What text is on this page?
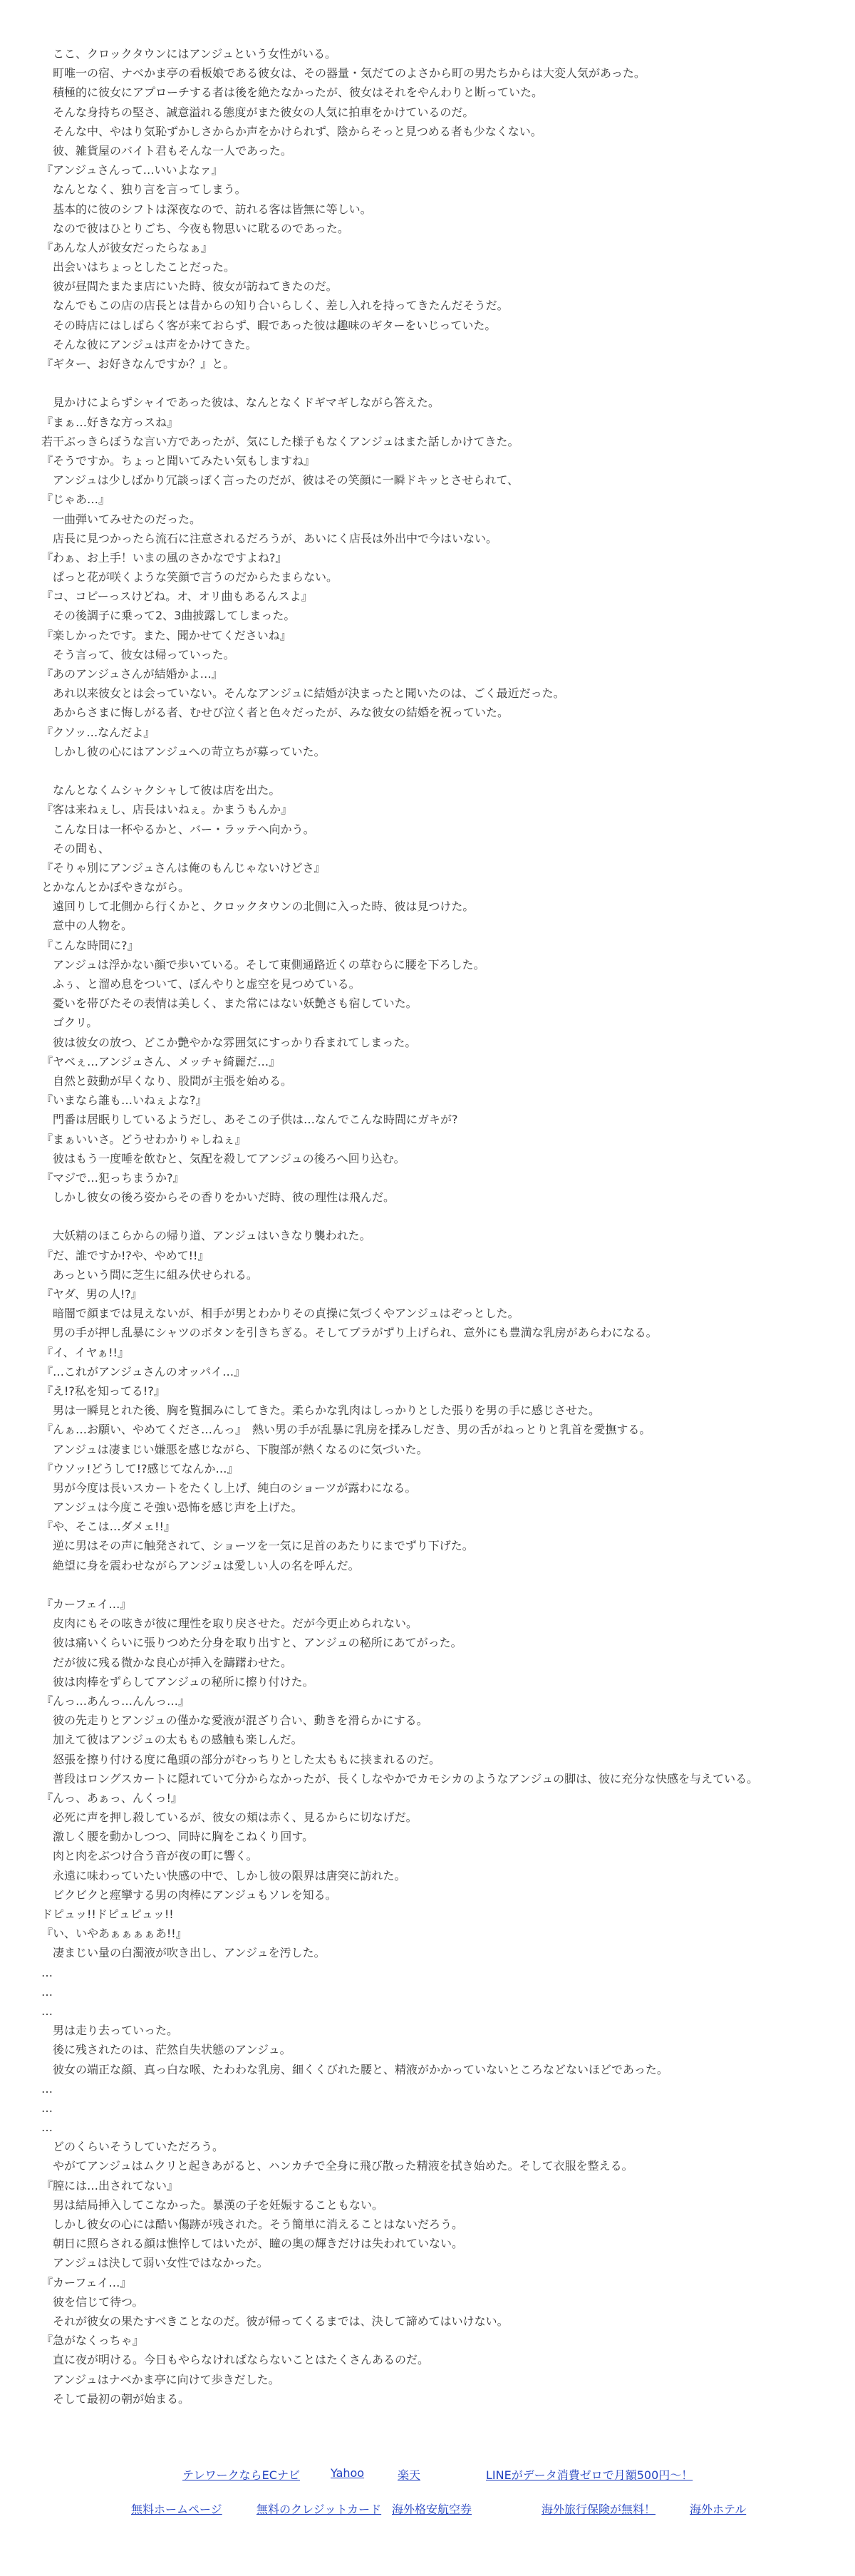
　ここ、クロックタウンにはアンジュという女性がいる。
　町唯一の宿、ナベかま亭の看板娘である彼女は、その器量・気だてのよさから町の男たちからは大変人気があった。
　積極的に彼女にアプローチする者は後を絶たなかったが、彼女はそれをやんわりと断っていた。
　そんな身持ちの堅さ、誠意溢れる態度がまた彼女の人気に拍車をかけているのだ。
　そんな中、やはり気恥ずかしさからか声をかけられず、陰からそっと見つめる者も少なくない。
　彼、雑貨屋のバイト君もそんな一人であった。
『アンジュさんって…いいよなァ』
　なんとなく、独り言を言ってしまう。
　基本的に彼のシフトは深夜なので、訪れる客は皆無に等しい。
　なので彼はひとりごち、今夜も物思いに耽るのであった。
『あんな人が彼女だったらなぁ』
　出会いはちょっとしたことだった。
　彼が昼間たまたま店にいた時、彼女が訪ねてきたのだ。
　なんでもこの店の店長とは昔からの知り合いらしく、差し入れを持ってきたんだそうだ。
　その時店にはしばらく客が来ておらず、暇であった彼は趣味のギターをいじっていた。
　そんな彼にアンジュは声をかけてきた。
『ギター、お好きなんですか？』と。
　見かけによらずシャイであった彼は、なんとなくドギマギしながら答えた。
『まぁ…好きな方っスね』
若干ぶっきらぼうな言い方であったが、気にした様子もなくアンジュはまた話しかけてきた。
『そうですか。ちょっと聞いてみたい気もしますね』
　アンジュは少しばかり冗談っぽく言ったのだが、彼はその笑顔に一瞬ドキッとさせられて、
『じゃあ…』
　一曲弾いてみせたのだった。
　店長に見つかったら流石に注意されるだろうが、あいにく店長は外出中で今はいない。
『わぁ、お上手！いまの風のさかなですよね?』
　ぱっと花が咲くような笑顔で言うのだからたまらない。
『コ、コピーっスけどね。オ、オリ曲もあるんスよ』
　その後調子に乗って2、3曲披露してしまった。
『楽しかったです。また、聞かせてくださいね』
　そう言って、彼女は帰っていった。
『あのアンジュさんが結婚かよ…』
　あれ以来彼女とは会っていない。そんなアンジュに結婚が決まったと聞いたのは、ごく最近だった。
　あからさまに悔しがる者、むせび泣く者と色々だったが、みな彼女の結婚を祝っていた。
『クソッ…なんだよ』
　しかし彼の心にはアンジュへの苛立ちが募っていた。
　なんとなくムシャクシャして彼は店を出た。
『客は来ねぇし、店長はいねぇ。かまうもんか』
　こんな日は一杯やるかと、バー・ラッテへ向かう。
　その間も、
『そりゃ別にアンジュさんは俺のもんじゃないけどさ』
とかなんとかぼやきながら。
　遠回りして北側から行くかと、クロックタウンの北側に入った時、彼は見つけた。
　意中の人物を。
『こんな時間に?』
　アンジュは浮かない顔で歩いている。そして東側通路近くの草むらに腰を下ろした。
　ふぅ、と溜め息をついて、ぼんやりと虚空を見つめている。
　憂いを帯びたその表情は美しく、また常にはない妖艶さも宿していた。
　ゴクリ。
　彼は彼女の放つ、どこか艶やかな雰囲気にすっかり呑まれてしまった。
『ヤベぇ…アンジュさん、メッチャ綺麗だ…』
　自然と鼓動が早くなり、股間が主張を始める。
『いまなら誰も…いねぇよな?』
　門番は居眠りしているようだし、あそこの子供は…なんでこんな時間にガキが?
『まぁいいさ。どうせわかりゃしねぇ』
　彼はもう一度唾を飲むと、気配を殺してアンジュの後ろへ回り込む。
『マジで…犯っちまうか?』
　しかし彼女の後ろ姿からその香りをかいだ時、彼の理性は飛んだ。
　大妖精のほこらからの帰り道、アンジュはいきなり襲われた。
『だ、誰ですか!?や、やめて!!』
　あっという間に芝生に組み伏せられる。
『ヤダ、男の人!?』
　暗闇で顔までは見えないが、相手が男とわかりその貞操に気づくやアンジュはぞっとした。
　男の手が押し乱暴にシャツのボタンを引きちぎる。そしてブラがずり上げられ、意外にも豊満な乳房があらわになる。
『イ、イヤぁ!!』
『…これがアンジュさんのオッパイ…』
『え!?私を知ってる!?』
　男は一瞬見とれた後、胸を覧掴みにしてきた。柔らかな乳肉はしっかりとした張りを男の手に感じさせた。
『んぁ…お願い、やめてくださ…んっ』　熱い男の手が乱暴に乳房を揉みしだき、男の舌がねっとりと乳首を愛撫する。
　アンジュは凄まじい嫌悪を感じながら、下腹部が熱くなるのに気づいた。
『ウソッ!どうして!?感じてなんか…』
　男が今度は長いスカートをたくし上げ、純白のショーツが露わになる。
　アンジュは今度こそ強い恐怖を感じ声を上げた。
『や、そこは…ダメェ!!』
　逆に男はその声に触発されて、ショーツを一気に足首のあたりにまでずり下げた。
　絶望に身を震わせながらアンジュは愛しい人の名を呼んだ。
『カーフェイ…』
　皮肉にもその呟きが彼に理性を取り戻させた。だが今更止められない。
　彼は痛いくらいに張りつめた分身を取り出すと、アンジュの秘所にあてがった。
　だが彼に残る微かな良心が挿入を躊躇わせた。
　彼は肉棒をずらしてアンジュの秘所に擦り付けた。
『んっ…あんっ…んんっ…』
　彼の先走りとアンジュの僅かな愛液が混ざり合い、動きを滑らかにする。
　加えて彼はアンジュの太ももの感触も楽しんだ。
　怒張を擦り付ける度に亀頭の部分がむっちりとした太ももに挟まれるのだ。
　普段はロングスカートに隠れていて分からなかったが、長くしなやかでカモシカのようなアンジュの脚は、彼に充分な快感を与えている。
『んっ、あぁっ、んくっ!』
　必死に声を押し殺しているが、彼女の頬は赤く、見るからに切なげだ。
　激しく腰を動かしつつ、同時に胸をこねくり回す。
　肉と肉をぶつけ合う音が夜の町に響く。
　永遠に味わっていたい快感の中で、しかし彼の限界は唐突に訪れた。
　ビクビクと痙攣する男の肉棒にアンジュもソレを知る。
ドピュッ!!ドピュピュッ!!
『い、いやあぁぁぁぁあ!!』
　凄まじい量の白濁液が吹き出し、アンジュを汚した。
…
…
…
　男は走り去っていった。
　後に残されたのは、茫然自失状態のアンジュ。
　彼女の端正な顔、真っ白な喉、たわわな乳房、細くくびれた腰と、精液がかかっていないところなどないほどであった。
…
…
…
　どのくらいそうしていただろう。
　やがてアンジュはムクリと起きあがると、ハンカチで全身に飛び散った精液を拭き始めた。そして衣服を整える。
『膣には…出されてない』
　男は結局挿入してこなかった。暴漢の子を妊娠することもない。
　しかし彼女の心には酷い傷跡が残された。そう簡単に消えることはないだろう。
　朝日に照らされる顔は憔悴してはいたが、瞳の奥の輝きだけは失われていない。
　アンジュは決して弱い女性ではなかった。
『カーフェイ…』
　彼を信じて待つ。
　それが彼女の果たすべきことなのだ。彼が帰ってくるまでは、決して諦めてはいけない。
『急がなくっちゃ』
　直に夜が明ける。今日もやらなければならないことはたくさんあるのだ。
　アンジュはナベかま亭に向けて歩きだした。
　そして最初の朝が始まる。
テレワークならECナビ	Yahoo	楽天	LINEがデータ消費ゼロで月額500円〜！
無料ホームページ	無料のクレジットカード 海外格安航空券	海外旅行保険が無料！	海外ホテル
